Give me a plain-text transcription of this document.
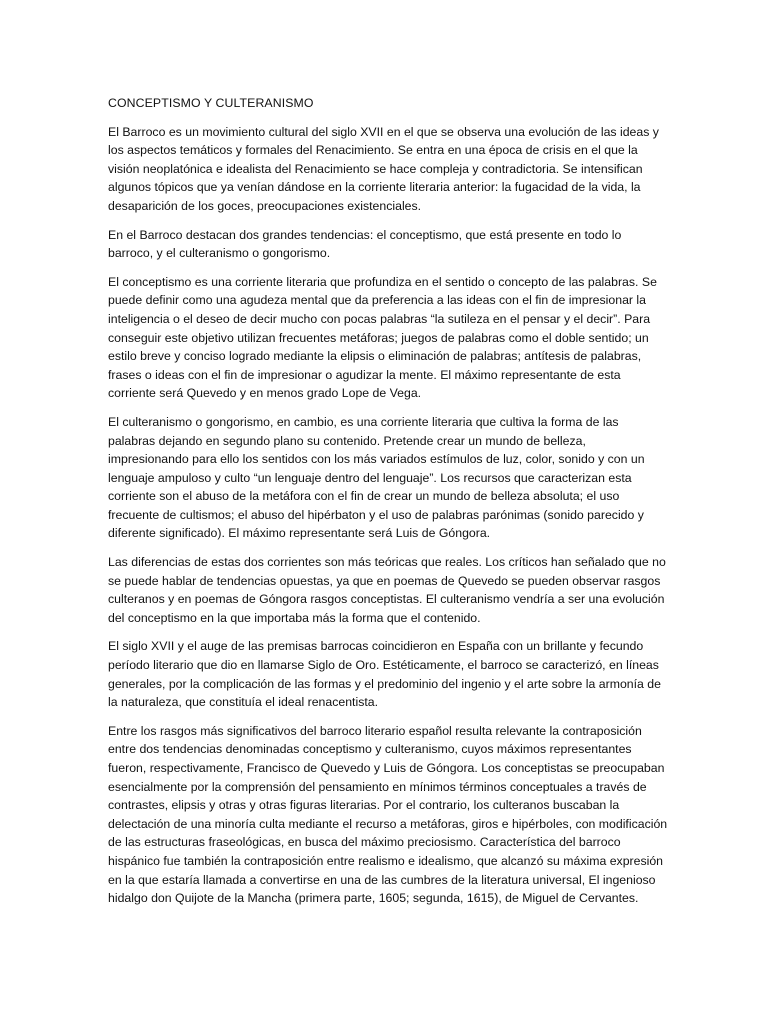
CONCEPTISMO Y CULTERANISMO

El Barroco es un movimiento cultural del siglo XVII en el que se observa una evolución de las ideas y los aspectos temáticos y formales del Renacimiento. Se entra en una época de crisis en el que la visión neoplatónica e idealista del Renacimiento se hace compleja y contradictoria. Se intensifican algunos tópicos que ya venían dándose en la corriente literaria anterior: la fugacidad de la vida, la desaparición de los goces, preocupaciones existenciales.

En el Barroco destacan dos grandes tendencias: el conceptismo, que está presente en todo lo barroco, y el culteranismo o gongorismo.

El conceptismo es una corriente literaria que profundiza en el sentido o concepto de las palabras. Se puede definir como una agudeza mental que da preferencia a las ideas con el fin de impresionar la inteligencia o el deseo de decir mucho con pocas palabras “la sutileza en el pensar y el decir”. Para conseguir este objetivo utilizan frecuentes metáforas; juegos de palabras como el doble sentido; un estilo breve y conciso logrado mediante la elipsis o eliminación de palabras; antítesis de palabras, frases o ideas con el fin de impresionar o agudizar la mente. El máximo representante de esta corriente será Quevedo y en menos grado Lope de Vega.

El culteranismo o gongorismo, en cambio, es una corriente literaria que cultiva la forma de las palabras dejando en segundo plano su contenido. Pretende crear un mundo de belleza, impresionando para ello los sentidos con los más variados estímulos de luz, color, sonido y con un lenguaje ampuloso y culto “un lenguaje dentro del lenguaje”. Los recursos que caracterizan esta corriente son el abuso de la metáfora con el fin de crear un mundo de belleza absoluta; el uso frecuente de cultismos; el abuso del hipérbaton y el uso de palabras parónimas (sonido parecido y diferente significado). El máximo representante será Luis de Góngora.

Las diferencias de estas dos corrientes son más teóricas que reales. Los críticos han señalado que no se puede hablar de tendencias opuestas, ya que en poemas de Quevedo se pueden observar rasgos culteranos y en poemas de Góngora rasgos conceptistas. El culteranismo vendría a ser una evolución del conceptismo en la que importaba más la forma que el contenido.

El siglo XVII y el auge de las premisas barrocas coincidieron en España con un brillante y fecundo período literario que dio en llamarse Siglo de Oro. Estéticamente, el barroco se caracterizó, en líneas generales, por la complicación de las formas y el predominio del ingenio y el arte sobre la armonía de la naturaleza, que constituía el ideal renacentista.

Entre los rasgos más significativos del barroco literario español resulta relevante la contraposición entre dos tendencias denominadas conceptismo y culteranismo, cuyos máximos representantes fueron, respectivamente, Francisco de Quevedo y Luis de Góngora. Los conceptistas se preocupaban esencialmente por la comprensión del pensamiento en mínimos términos conceptuales a través de contrastes, elipsis y otras y otras figuras literarias. Por el contrario, los culteranos buscaban la delectación de una minoría culta mediante el recurso a metáforas, giros e hipérboles, con modificación de las estructuras fraseológicas, en busca del máximo preciosismo. Característica del barroco hispánico fue también la contraposición entre realismo e idealismo, que alcanzó su máxima expresión en la que estaría llamada a convertirse en una de las cumbres de la literatura universal, El ingenioso hidalgo don Quijote de la Mancha (primera parte, 1605; segunda, 1615), de Miguel de Cervantes.
